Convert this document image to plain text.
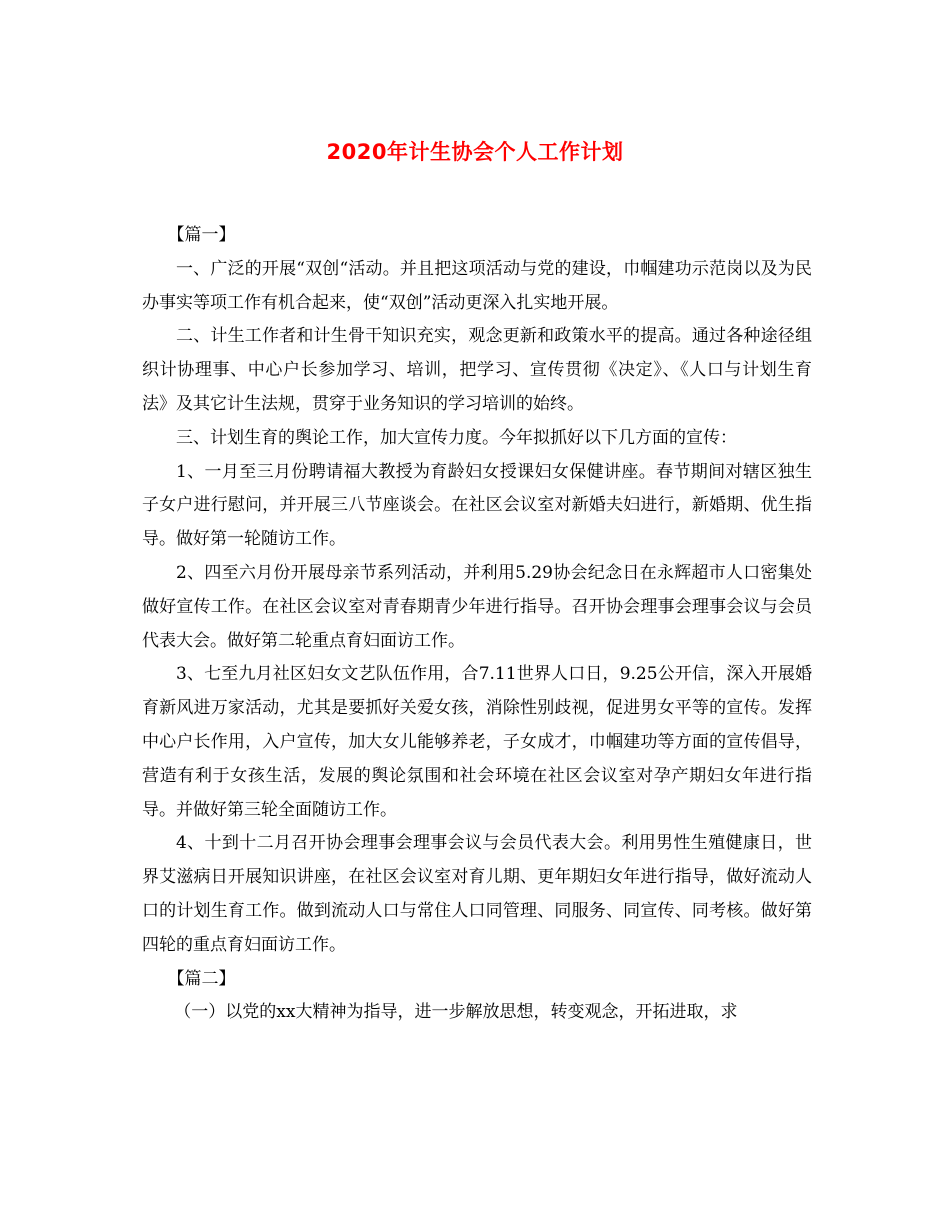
2020年计生协会个人工作计划

【篇一】

一、广泛的开展“双创“活动。并且把这项活动与党的建设，巾帼建功示范岗以及为民办事实等项工作有机合起来，使“双创”活动更深入扎实地开展。

二、计生工作者和计生骨干知识充实，观念更新和政策水平的提高。通过各种途径组织计协理事、中心户长参加学习、培训，把学习、宣传贯彻《决定》、《人口与计划生育法》及其它计生法规，贯穿于业务知识的学习培训的始终。

三、计划生育的舆论工作，加大宣传力度。今年拟抓好以下几方面的宣传：

1、一月至三月份聘请福大教授为育龄妇女授课妇女保健讲座。春节期间对辖区独生子女户进行慰问，并开展三八节座谈会。在社区会议室对新婚夫妇进行，新婚期、优生指导。做好第一轮随访工作。

2、四至六月份开展母亲节系列活动，并利用5.29协会纪念日在永辉超市人口密集处做好宣传工作。在社区会议室对青春期青少年进行指导。召开协会理事会理事会议与会员代表大会。做好第二轮重点育妇面访工作。

3、七至九月社区妇女文艺队伍作用，合7.11世界人口日，9.25公开信，深入开展婚育新风进万家活动，尤其是要抓好关爱女孩，消除性别歧视，促进男女平等的宣传。发挥中心户长作用，入户宣传，加大女儿能够养老，子女成才，巾帼建功等方面的宣传倡导，营造有利于女孩生活，发展的舆论氛围和社会环境在社区会议室对孕产期妇女年进行指导。并做好第三轮全面随访工作。

4、十到十二月召开协会理事会理事会议与会员代表大会。利用男性生殖健康日，世界艾滋病日开展知识讲座，在社区会议室对育儿期、更年期妇女年进行指导，做好流动人口的计划生育工作。做到流动人口与常住人口同管理、同服务、同宣传、同考核。做好第四轮的重点育妇面访工作。

【篇二】

（一）以党的xx大精神为指导，进一步解放思想，转变观念，开拓进取，求
